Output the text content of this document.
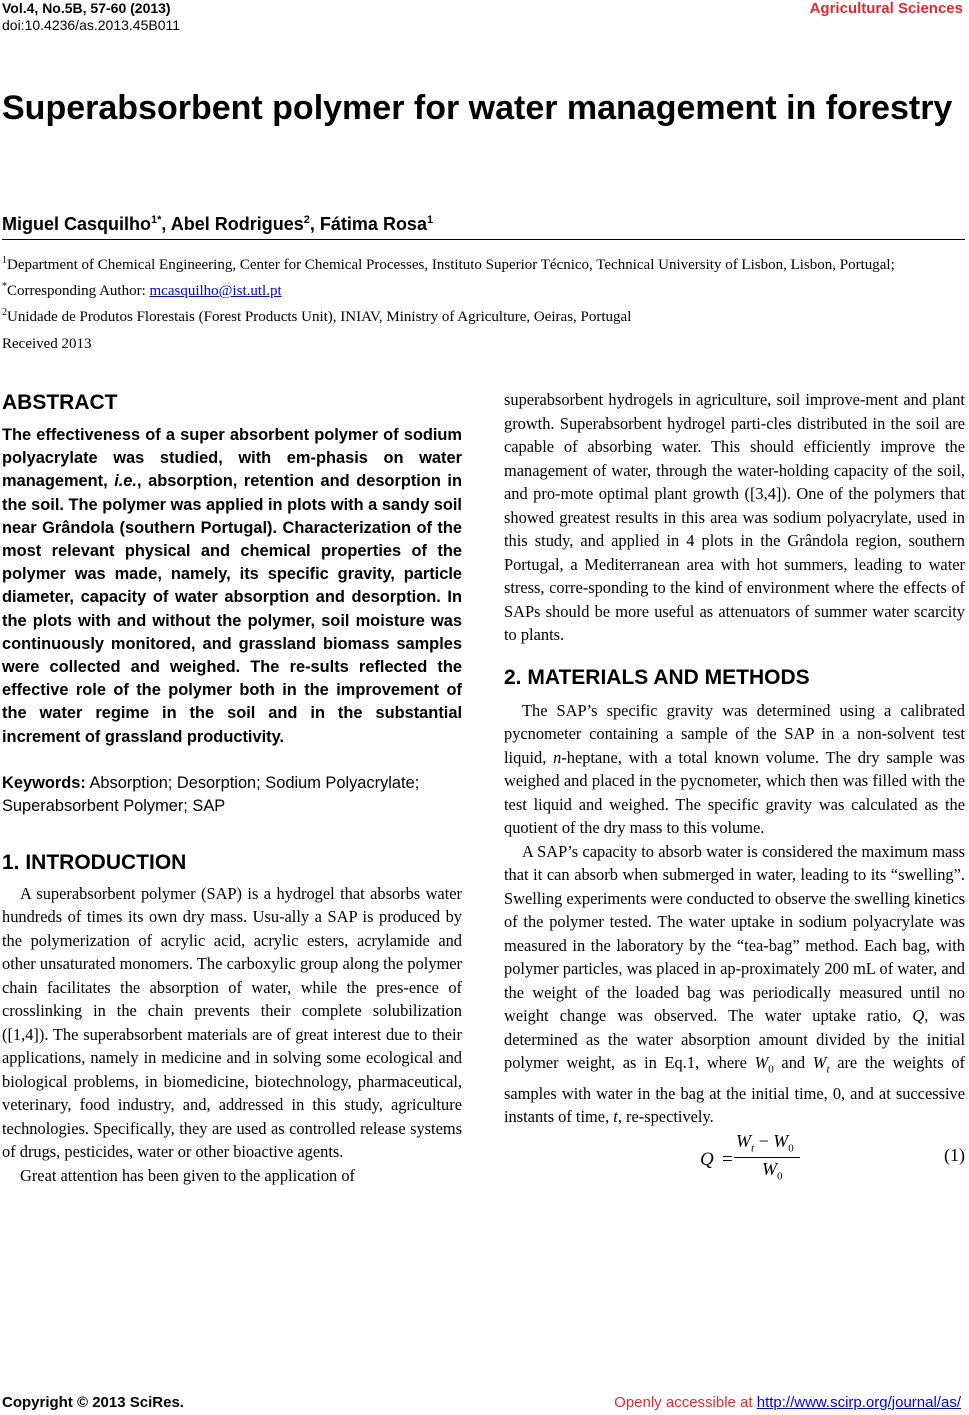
Vol.4, No.5B, 57-60 (2013)
doi:10.4236/as.2013.45B011
Agricultural Sciences
Superabsorbent polymer for water management in forestry
Miguel Casquilho$^{1*}$, Abel Rodrigues$^2$, Fátima Rosa$^1$
$^1$Department of Chemical Engineering, Center for Chemical Processes, Instituto Superior Técnico, Technical University of Lisbon, Lisbon, Portugal; *Corresponding Author: mcasquilho@ist.utl.pt
$^2$Unidade de Produtos Florestais (Forest Products Unit), INIAV, Ministry of Agriculture, Oeiras, Portugal
Received 2013
ABSTRACT

The effectiveness of a super absorbent polymer of sodium polyacrylate was studied, with em-phasis on water management, i.e., absorption, retention and desorption in the soil. The polymer was applied in plots with a sandy soil near Grândola (southern Portugal). Characterization of the most relevant physical and chemical properties of the polymer was made, namely, its specific gravity, particle diameter, capacity of water absorption and desorption. In the plots with and without the polymer, soil moisture was continuously monitored, and grassland biomass samples were collected and weighed. The re-sults reflected the effective role of the polymer both in the improvement of the water regime in the soil and in the substantial increment of grassland productivity.

Keywords: Absorption; Desorption; Sodium Polyacrylate; Superabsorbent Polymer; SAP

1. INTRODUCTION

A superabsorbent polymer (SAP) is a hydrogel that absorbs water hundreds of times its own dry mass. Usu-ally a SAP is produced by the polymerization of acrylic acid, acrylic esters, acrylamide and other unsaturated monomers. The carboxylic group along the polymer chain facilitates the absorption of water, while the pres-ence of crosslinking in the chain prevents their complete solubilization ([1,4]). The superabsorbent materials are of great interest due to their applications, namely in medicine and in solving some ecological and biological problems, in biomedicine, biotechnology, pharmaceutical, veterinary, food industry, and, addressed in this study, agriculture technologies. Specifically, they are used as controlled release systems of drugs, pesticides, water or other bioactive agents.

Great attention has been given to the application of

superabsorbent hydrogels in agriculture, soil improve-ment and plant growth. Superabsorbent hydrogel parti-cles distributed in the soil are capable of absorbing water. This should efficiently improve the management of water, through the water-holding capacity of the soil, and pro-mote optimal plant growth ([3,4]). One of the polymers that showed greatest results in this area was sodium polyacrylate, used in this study, and applied in 4 plots in the Grândola region, southern Portugal, a Mediterranean area with hot summers, leading to water stress, corre-sponding to the kind of environment where the effects of SAPs should be more useful as attenuators of summer water scarcity to plants.

2. MATERIALS AND METHODS

The SAP’s specific gravity was determined using a calibrated pycnometer containing a sample of the SAP in a non-solvent test liquid, n-heptane, with a total known volume. The dry sample was weighed and placed in the pycnometer, which then was filled with the test liquid and weighed. The specific gravity was calculated as the quotient of the dry mass to this volume.

A SAP’s capacity to absorb water is considered the maximum mass that it can absorb when submerged in water, leading to its “swelling”. Swelling experiments were conducted to observe the swelling kinetics of the polymer tested. The water uptake in sodium polyacrylate was measured in the laboratory by the “tea-bag” method. Each bag, with polymer particles, was placed in ap-proximately 200 mL of water, and the weight of the loaded bag was periodically measured until no weight change was observed. The water uptake ratio, Q, was determined as the water absorption amount divided by the initial polymer weight, as in Eq.1, where $W_0$ and $W_t$ are the weights of samples with water in the bag at the initial time, 0, and at successive instants of time, t, re-spectively.

Q =
$W_t - W_0$
$W_0$
(1)
Copyright © 2013 SciRes.	Openly accessible at http://www.scirp.org/journal/as/
